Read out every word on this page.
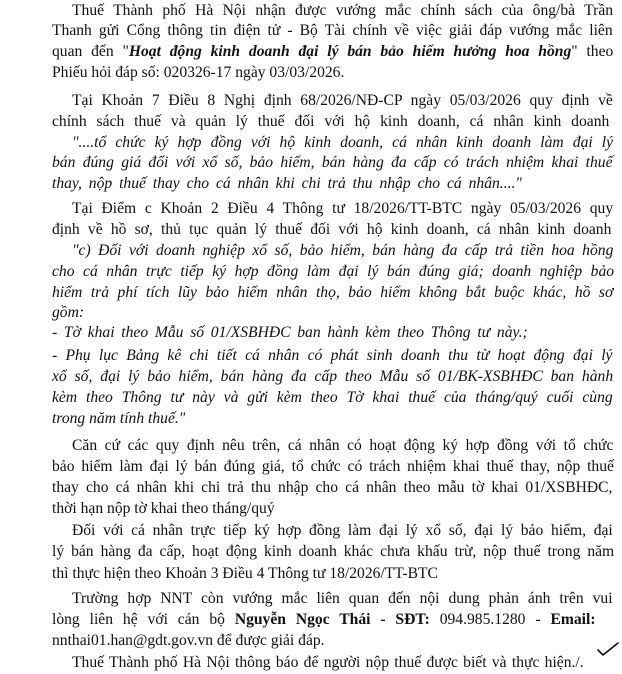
Thuế Thành phố Hà Nội nhận được vướng mắc chính sách của ông/bà Trần
Thanh gửi Cổng thông tin điện tử - Bộ Tài chính về việc giải đáp vướng mắc liên
quan đến "Hoạt động kinh doanh đại lý bán bảo hiểm hưởng hoa hồng" theo
Phiếu hỏi đáp số: 020326-17 ngày 03/03/2026.
Tại Khoản 7 Điều 8 Nghị định 68/2026/NĐ-CP ngày 05/03/2026 quy định về
chính sách thuế và quản lý thuế đối với hộ kinh doanh, cá nhân kinh doanh
"....tổ chức ký hợp đồng với hộ kinh doanh, cá nhân kinh doanh làm đại lý
bán đúng giá đối với xổ số, bảo hiểm, bán hàng đa cấp có trách nhiệm khai thuế
thay, nộp thuế thay cho cá nhân khi chi trả thu nhập cho cá nhân...."
Tại Điểm c Khoản 2 Điều 4 Thông tư 18/2026/TT-BTC ngày 05/03/2026 quy
định về hồ sơ, thủ tục quản lý thuế đối với hộ kinh doanh, cá nhân kinh doanh
"c) Đối với doanh nghiệp xổ số, bảo hiểm, bán hàng đa cấp trả tiền hoa hồng
cho cá nhân trực tiếp ký hợp đồng làm đại lý bán đúng giá; doanh nghiệp bảo
hiểm trả phí tích lũy bảo hiểm nhân thọ, bảo hiểm không bắt buộc khác, hồ sơ
gồm:
- Tờ khai theo Mẫu số 01/XSBHĐC ban hành kèm theo Thông tư này.;
- Phụ lục Bảng kê chi tiết cá nhân có phát sinh doanh thu từ hoạt động đại lý
xổ số, đại lý bảo hiểm, bán hàng đa cấp theo Mẫu số 01/BK-XSBHĐC ban hành
kèm theo Thông tư này và gửi kèm theo Tờ khai thuế của tháng/quý cuối cùng
trong năm tính thuế."
Căn cứ các quy định nêu trên, cá nhân có hoạt động ký hợp đồng với tổ chức
bảo hiểm làm đại lý bán đúng giá, tổ chức có trách nhiệm khai thuế thay, nộp thuế
thay cho cá nhân khi chi trả thu nhập cho cá nhân theo mẫu tờ khai 01/XSBHĐC,
thời hạn nộp tờ khai theo tháng/quý
Đối với cá nhân trực tiếp ký hợp đồng làm đại lý xổ số, đại lý bảo hiểm, đại
lý bán hàng đa cấp, hoạt động kinh doanh khác chưa khấu trừ, nộp thuế trong năm
thì thực hiện theo Khoản 3 Điều 4 Thông tư 18/2026/TT-BTC
Trường hợp NNT còn vướng mắc liên quan đến nội dung phản ánh trên vui
lòng liên hệ với cán bộ Nguyễn Ngọc Thái - SĐT: 094.985.1280 - Email:
nnthai01.han@gdt.gov.vn để được giải đáp.
Thuế Thành phố Hà Nội thông báo để người nộp thuế được biết và thực hiện./.
